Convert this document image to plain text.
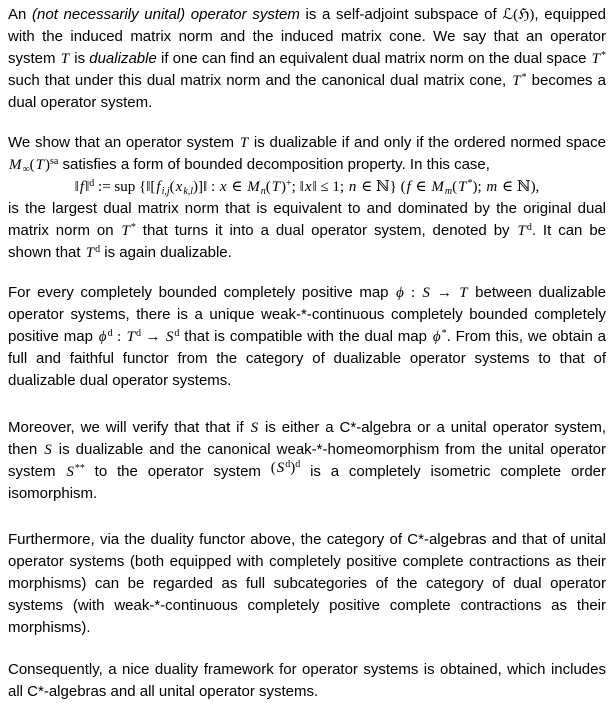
An (not necessarily unital) operator system is a self-adjoint subspace of ℒ(ℌ), equipped with the induced matrix norm and the induced matrix cone. We say that an operator system T is dualizable if one can find an equivalent dual matrix norm on the dual space T* such that under this dual matrix norm and the canonical dual matrix cone, T* becomes a dual operator system.
We show that an operator system T is dualizable if and only if the ordered normed space $M_\infty(T)^{sa}$ satisfies a form of bounded decomposition property. In this case,
‖f‖$^d$ := sup {$‖[f_{i,j}(x_{k,l})]‖$ : x ∈ $M_n(T)^+$; ‖x‖ ≤ 1; n ∈ ℕ} (f ∈ $M_m(T^*)$; m ∈ ℕ),
is the largest dual matrix norm that is equivalent to and dominated by the original dual matrix norm on T* that turns it into a dual operator system, denoted by $T^d$. It can be shown that $T^d$ is again dualizable.
For every completely bounded completely positive map ϕ : S → T between dualizable operator systems, there is a unique weak-*-continuous completely bounded completely positive map $\phi^d$ : $T^d \to S^d$ that is compatible with the dual map ϕ*. From this, we obtain a full and faithful functor from the category of dualizable operator systems to that of dualizable dual operator systems.
Moreover, we will verify that that if S is either a C*-algebra or a unital operator system, then S is dualizable and the canonical weak-*-homeomorphism from the unital operator system S** to the operator system $(S^d)^d$ is a completely isometric complete order isomorphism.
Furthermore, via the duality functor above, the category of C*-algebras and that of unital operator systems (both equipped with completely positive complete contractions as their morphisms) can be regarded as full subcategories of the category of dual operator systems (with weak-*-continuous completely positive complete contractions as their morphisms).
Consequently, a nice duality framework for operator systems is obtained, which includes all C*-algebras and all unital operator systems.
